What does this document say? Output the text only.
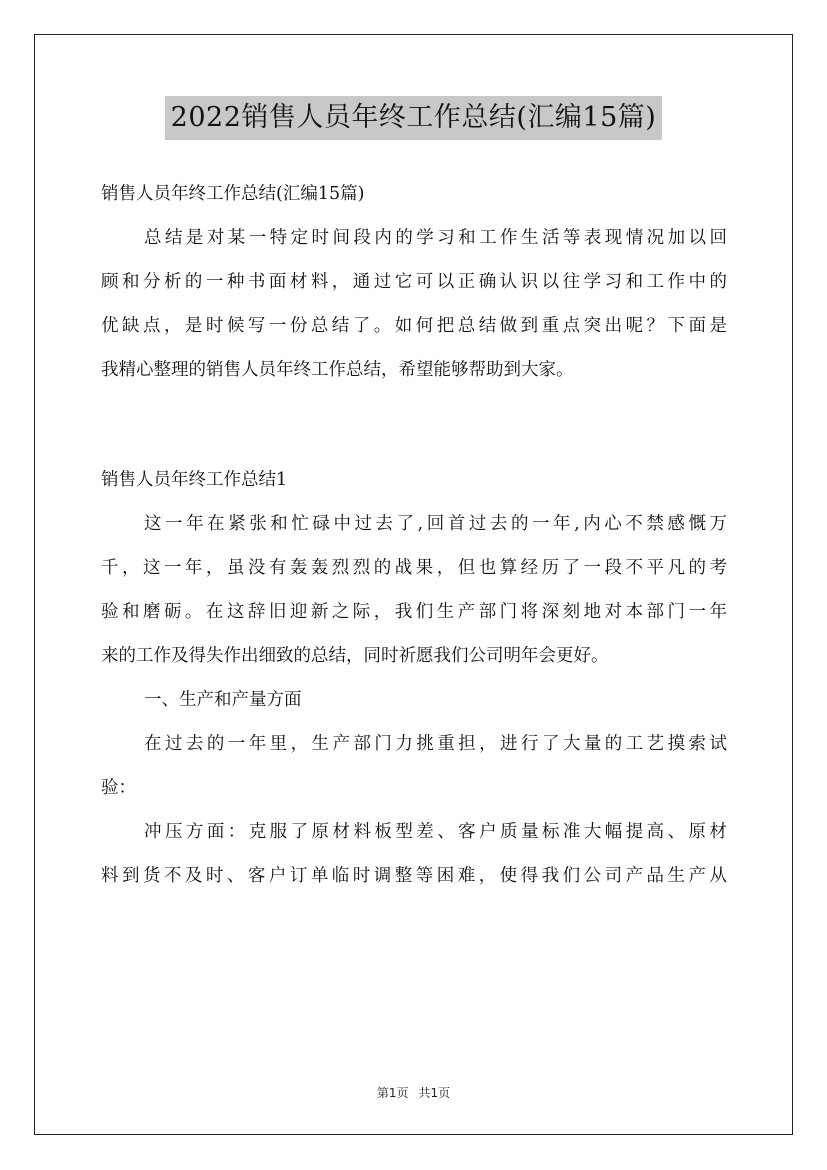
2022销售人员年终工作总结(汇编15篇)
销售人员年终工作总结(汇编15篇)
总结是对某一特定时间段内的学习和工作生活等表现情况加以回
顾和分析的一种书面材料，通过它可以正确认识以往学习和工作中的
优缺点，是时候写一份总结了。如何把总结做到重点突出呢？下面是
我精心整理的销售人员年终工作总结，希望能够帮助到大家。
销售人员年终工作总结1
这一年在紧张和忙碌中过去了,回首过去的一年,内心不禁感慨万
千，这一年，虽没有轰轰烈烈的战果，但也算经历了一段不平凡的考
验和磨砺。在这辞旧迎新之际，我们生产部门将深刻地对本部门一年
来的工作及得失作出细致的总结，同时祈愿我们公司明年会更好。
一、生产和产量方面
在过去的一年里，生产部门力挑重担，进行了大量的工艺摸索试
验：
冲压方面：克服了原材料板型差、客户质量标准大幅提高、原材
料到货不及时、客户订单临时调整等困难，使得我们公司产品生产从
第1页 共1页
